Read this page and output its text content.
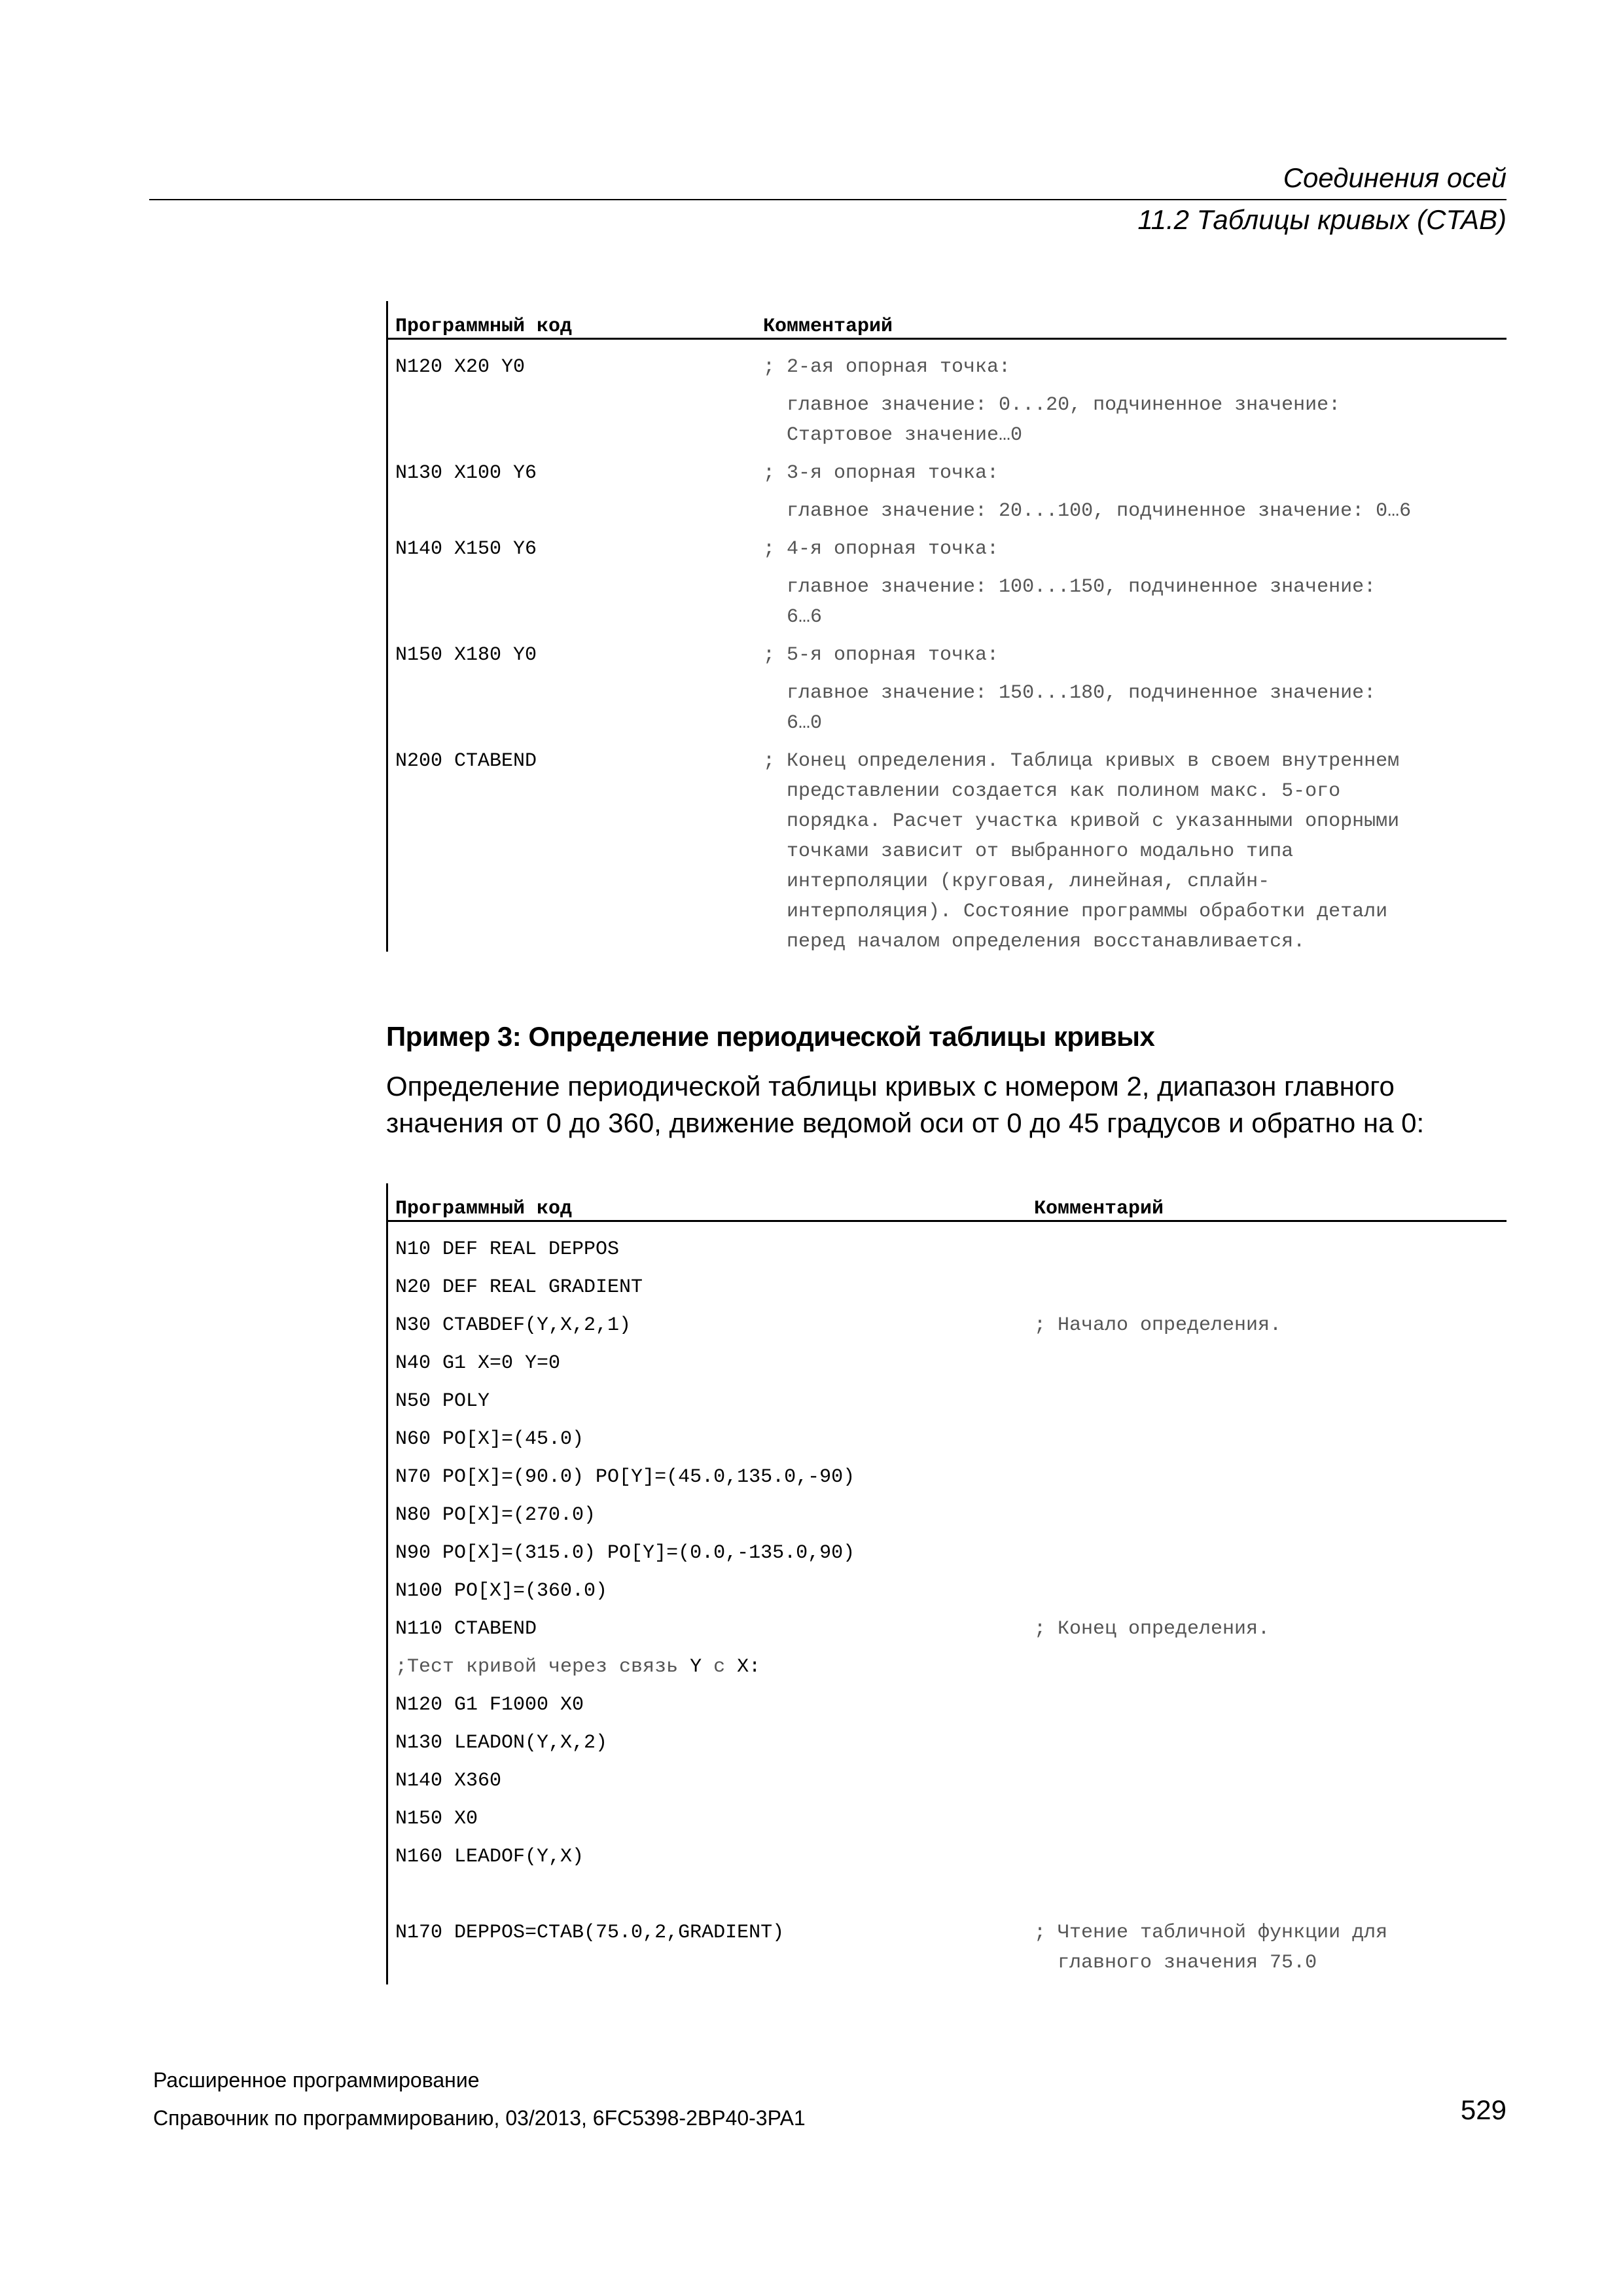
Соединения осей
11.2 Таблицы кривых (CTAB)
Программный код	Комментарий
N120 X20 Y0	; 2-ая опорная точка:
главное значение: 0...20, подчиненное значение:
Стартовое значение…0
N130 X100 Y6	; 3-я опорная точка:
главное значение: 20...100, подчиненное значение: 0…6
N140 X150 Y6	; 4-я опорная точка:
главное значение: 100...150, подчиненное значение:
6…6
N150 X180 Y0	; 5-я опорная точка:
главное значение: 150...180, подчиненное значение:
6…0
N200 CTABEND	; Конец определения. Таблица кривых в своем внутреннем
представлении создается как полином макс. 5-ого
порядка. Расчет участка кривой с указанными опорными
точками зависит от выбранного модально типа
интерполяции (круговая, линейная, сплайн-
интерполяция). Состояние программы обработки детали
перед началом определения восстанавливается.
Пример 3: Определение периодической таблицы кривых
Определение периодической таблицы кривых с номером 2, диапазон главного
значения от 0 до 360, движение ведомой оси от 0 до 45 градусов и обратно на 0:
Программный код	Комментарий
N10 DEF REAL DEPPOS
N20 DEF REAL GRADIENT
N30 CTABDEF(Y,X,2,1)	; Начало определения.
N40 G1 X=0 Y=0
N50 POLY
N60 PO[X]=(45.0)
N70 PO[X]=(90.0) PO[Y]=(45.0,135.0,-90)
N80 PO[X]=(270.0)
N90 PO[X]=(315.0) PO[Y]=(0.0,-135.0,90)
N100 PO[X]=(360.0)
N110 CTABEND	; Конец определения.
;Тест кривой через связь Y с X:
N120 G1 F1000 X0
N130 LEADON(Y,X,2)
N140 X360
N150 X0
N160 LEADOF(Y,X)
N170 DEPPOS=CTAB(75.0,2,GRADIENT)	; Чтение табличной функции для
главного значения 75.0
Расширенное программирование
Справочник по программированию, 03/2013, 6FC5398-2BP40-3PA1	529
